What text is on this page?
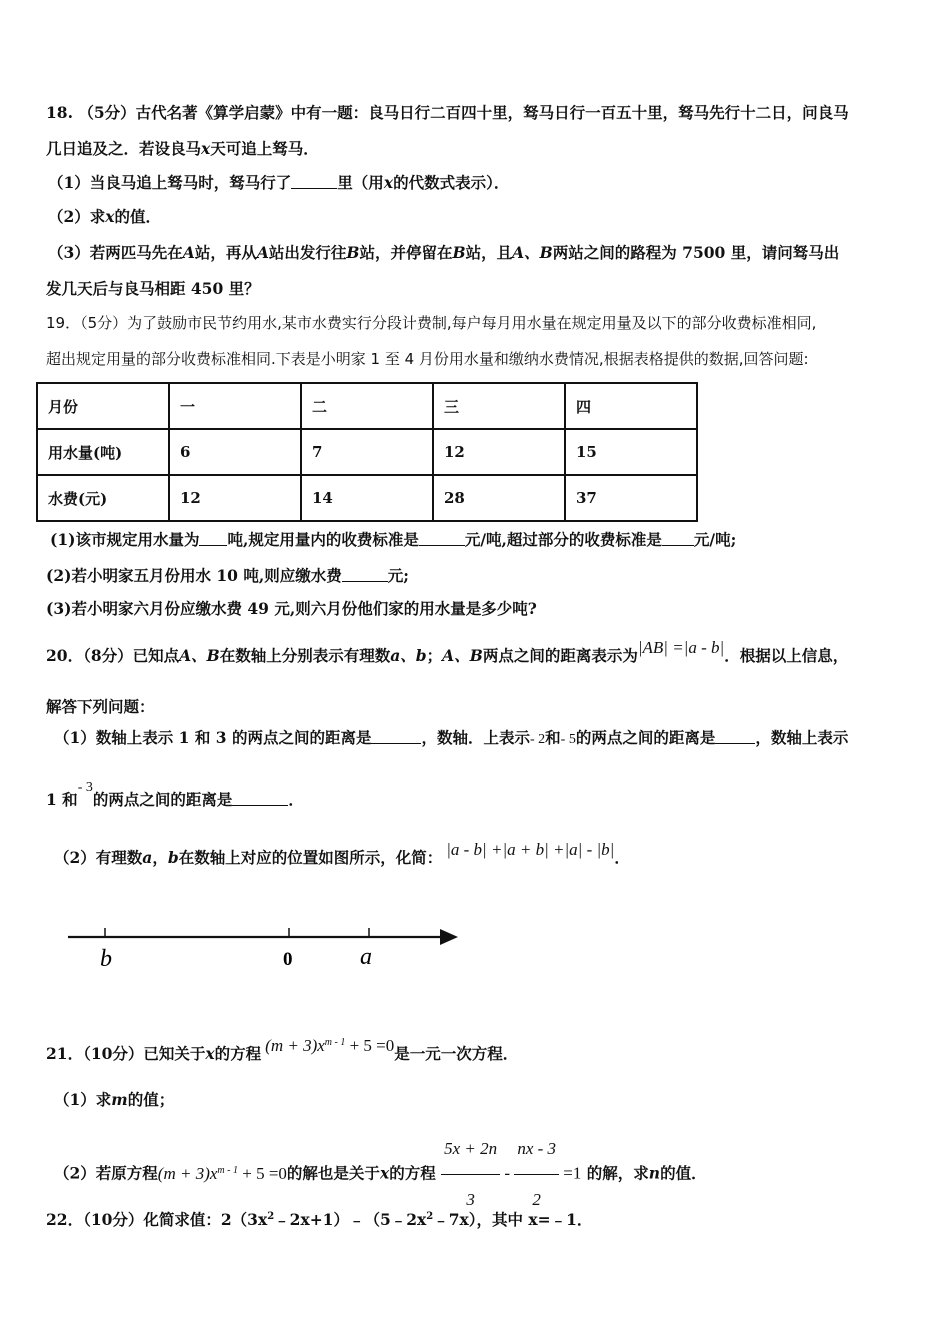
18. （5分）古代名著《算学启蒙》中有一题：良马日行二百四十里，驽马日行一百五十里，驽马先行十二日，问良马
几日追及之．若设良马x天可追上驽马．
（1）当良马追上驽马时，驽马行了	里（用x的代数式表示）．
（2）求x的值．
（3）若两匹马先在A站，再从A站出发行往B站，并停留在B站，且A、B两站之间的路程为 7500 里，请问驽马出
发几天后与良马相距 450 里？
19．（5分）为了鼓励市民节约用水,某市水费实行分段计费制,每户每月用水量在规定用量及以下的部分收费标准相同,
超出规定用量的部分收费标准相同.下表是小明家 1 至 4 月份用水量和缴纳水费情况,根据表格提供的数据,回答问题:
月份	一	二	三	四
用水量(吨)	6	7	12	15
水费(元)	12	14	28	37
(1)该市规定用水量为 吨,规定用量内的收费标准是	元/吨,超过部分的收费标准是 元/吨;
(2)若小明家五月份用水 10 吨,则应缴水费	元;
(3)若小明家六月份应缴水费 49 元,则六月份他们家的用水量是多少吨?
20．（8分）已知点A、B在数轴上分别表示有理数a、b；A、B两点之间的距离表示为|AB| =|a - b|．根据以上信息，
解答下列问题：
（1）数轴上表示 1 和 3 的两点之间的距离是	，数轴．上表示- 2和- 5的两点之间的距离是	，数轴上表示
1 和- 3的两点之间的距离是	．
（2）有理数a，b在数轴上对应的位置如图所示，化简： |a - b| +|a + b| +|a| - |b|．
b	0	a
21．（10分）已知关于x的方程 $(m + 3)x^{m - 1} + 5 =0$是一元一次方程．
（1）求m的值；
（2）若原方程$(m + 3)x^{m - 1} + 5 =0$的解也是关于x的方程 $\frac{5x + 2n}{3} - \frac{nx - 3}{2} =1$ 的解，求n的值．
22．（10分）化简求值：$2(3x^2﹣2x+1)﹣(5﹣2x^2﹣7x)$，其中 x=﹣1．
